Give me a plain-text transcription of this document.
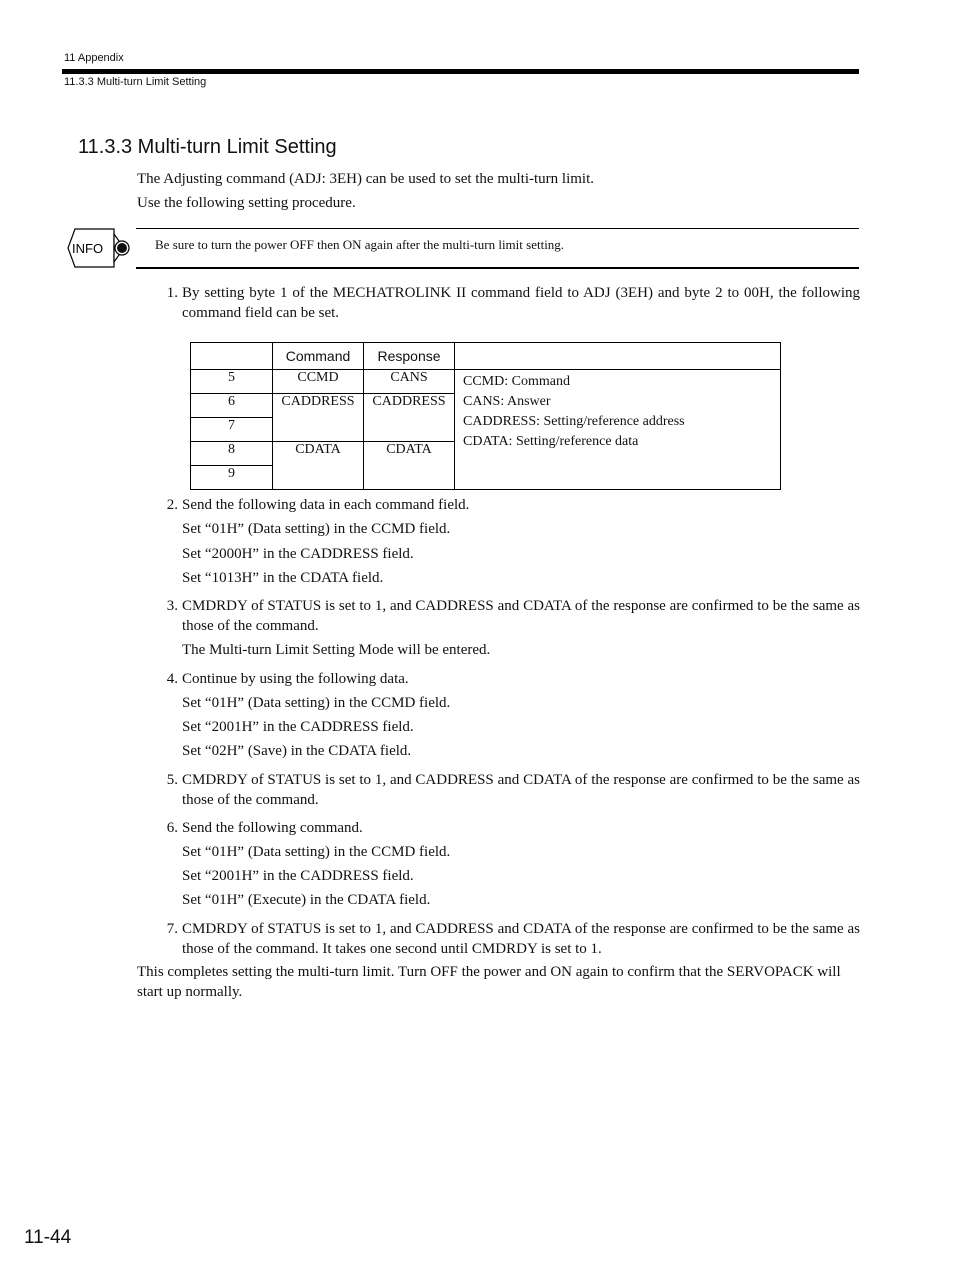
11 Appendix
11.3.3 Multi-turn Limit Setting
11.3.3 Multi-turn Limit Setting
The Adjusting command (ADJ: 3EH) can be used to set the multi-turn limit.
Use the following setting procedure.
INFO	Be sure to turn the power OFF then ON again after the multi-turn limit setting.
1. By setting byte 1 of the MECHATROLINK II command field to ADJ (3EH) and byte 2 to 00H, the following command field can be set.
	Command	Response	
5	CCMD	CANS	CCMD: Command
CANS: Answer
CADDRESS: Setting/reference address
CDATA: Setting/reference data

6	CADDRESS	CADDRESS	
7			
8	CDATA	CDATA	
9			
2. Send the following data in each command field.
Set “01H” (Data setting) in the CCMD field.
Set “2000H” in the CADDRESS field.
Set “1013H” in the CDATA field.
3. CMDRDY of STATUS is set to 1, and CADDRESS and CDATA of the response are confirmed to be the same as those of the command.
The Multi-turn Limit Setting Mode will be entered.
4. Continue by using the following data.
Set “01H” (Data setting) in the CCMD field.
Set “2001H” in the CADDRESS field.
Set “02H” (Save) in the CDATA field.
5. CMDRDY of STATUS is set to 1, and CADDRESS and CDATA of the response are confirmed to be the same as those of the command.
6. Send the following command.
Set “01H” (Data setting) in the CCMD field.
Set “2001H” in the CADDRESS field.
Set “01H” (Execute) in the CDATA field.
7. CMDRDY of STATUS is set to 1, and CADDRESS and CDATA of the response are confirmed to be the same as those of the command. It takes one second until CMDRDY is set to 1.
This completes setting the multi-turn limit. Turn OFF the power and ON again to confirm that the SERVOPACK will start up normally.
11-44
